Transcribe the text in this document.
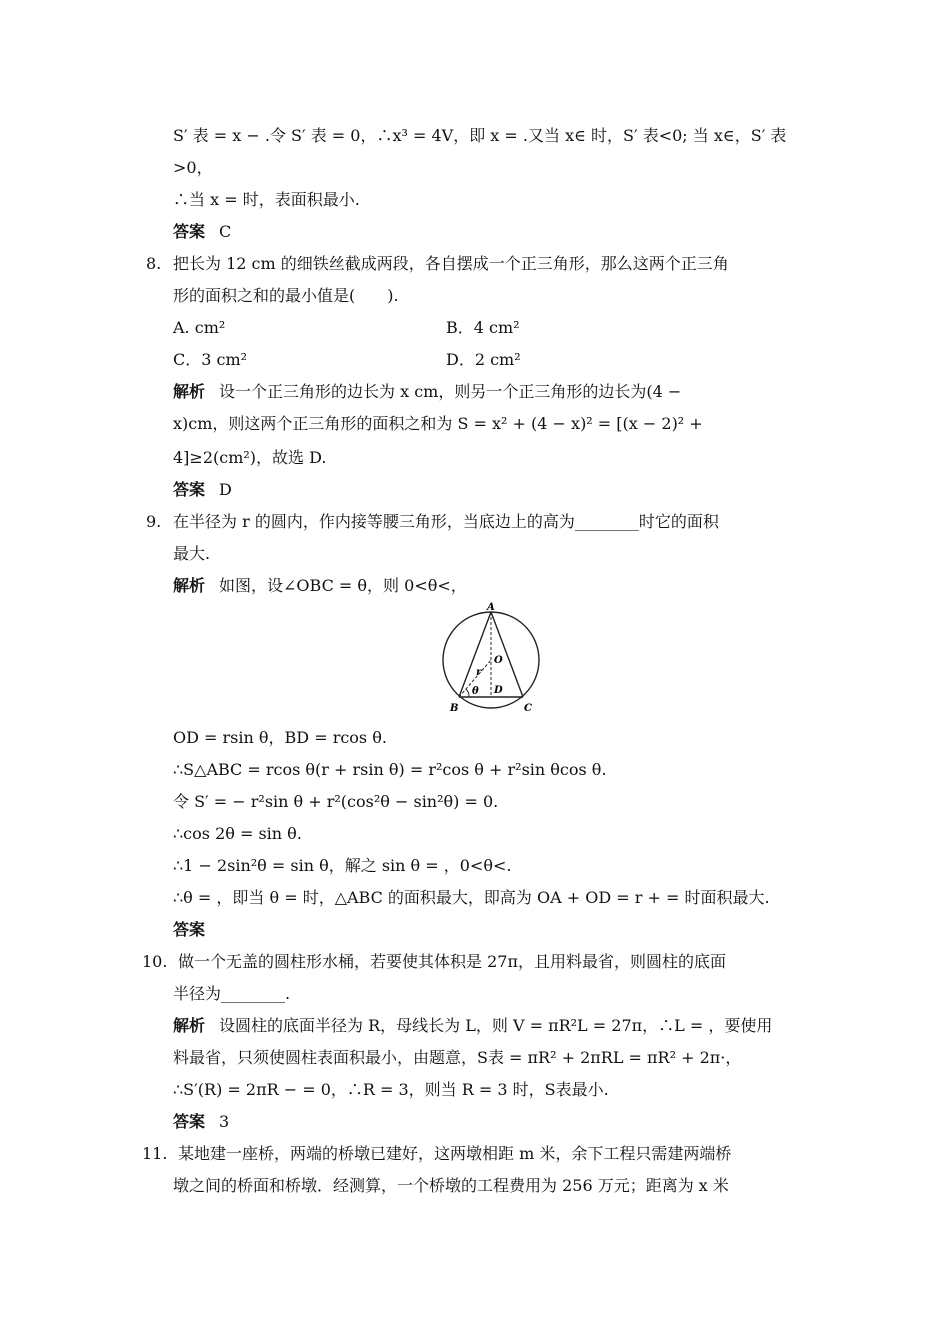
S′ 表 = x − .令 S′ 表 = 0，∴x³ = 4V，即 x = .又当 x∈ 时，S′ 表<0; 当 x∈，S′ 表
>0，
∴当 x = 时，表面积最小.
答案 C
8. 把长为 12 cm 的细铁丝截成两段，各自摆成一个正三角形，那么这两个正三角
形的面积之和的最小值是(　　).
A. cm²	B．4 cm²
C．3 cm²	D．2 cm²
解析 设一个正三角形的边长为 x cm，则另一个正三角形的边长为(4 −
x)cm，则这两个正三角形的面积之和为 S = x² + (4 − x)² = [(x − 2)² +
4]≥2(cm²)，故选 D.
答案 D
9. 在半径为 r 的圆内，作内接等腰三角形，当底边上的高为________时它的面积
最大.
解析 如图，设∠OBC = θ，则 0<θ<，
A
O
r
θ D
B	C
OD = rsin θ，BD = rcos θ.
∴S△ABC = rcos θ(r + rsin θ) = r²cos θ + r²sin θcos θ.
令 S′ = − r²sin θ + r²(cos²θ − sin²θ) = 0.
∴cos 2θ = sin θ.
∴1 − 2sin²θ = sin θ，解之 sin θ = ，0<θ<.
∴θ = ，即当 θ = 时，△ABC 的面积最大，即高为 OA + OD = r + = 时面积最大.
答案
10. 做一个无盖的圆柱形水桶，若要使其体积是 27π，且用料最省，则圆柱的底面
半径为________.
解析 设圆柱的底面半径为 R，母线长为 L，则 V = πR²L = 27π，∴L = ，要使用
料最省，只须使圆柱表面积最小，由题意，S表 = πR² + 2πRL = πR² + 2π·，
∴S′(R) = 2πR − = 0，∴R = 3，则当 R = 3 时，S表最小.
答案 3
11. 某地建一座桥，两端的桥墩已建好，这两墩相距 m 米，余下工程只需建两端桥
墩之间的桥面和桥墩．经测算，一个桥墩的工程费用为 256 万元；距离为 x 米
